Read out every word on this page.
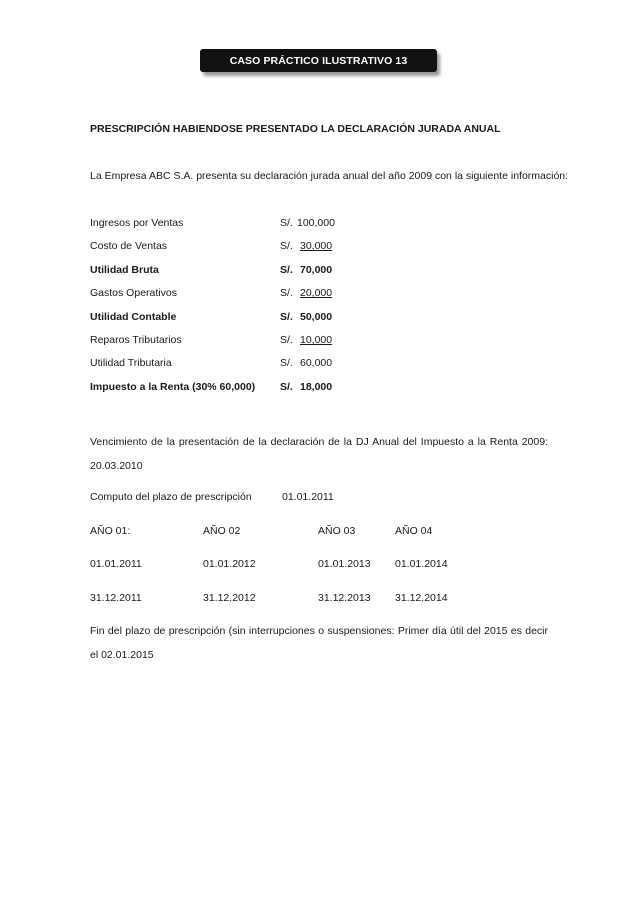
CASO PRÁCTICO ILUSTRATIVO 13
PRESCRIPCIÓN HABIENDOSE PRESENTADO LA DECLARACIÓN JURADA ANUAL
La Empresa ABC S.A. presenta su declaración jurada anual del año 2009 con la siguiente información:
Ingresos por Ventas	S/. 100,000
Costo de Ventas	S/. 30,000
Utilidad Bruta	S/. 70,000
Gastos Operativos	S/. 20,000
Utilidad Contable	S/. 50,000
Reparos Tributarios	S/. 10,000
Utilidad Tributaria	S/. 60,000
Impuesto a la Renta (30% 60,000) S/. 18,000
Vencimiento de la presentación de la declaración de la DJ Anual del Impuesto a la Renta 2009: 20.03.2010
Computo del plazo de prescripción	01.01.2011
AÑO 01:	AÑO 02	AÑO 03	AÑO 04
01.01.2011	01.01.2012	01.01.2013 01.01.2014
31.12.2011	31.12.2012	31.12.2013 31.12.2014
Fin del plazo de prescripción (sin interrupciones o suspensiones: Primer día útil del 2015 es decir el 02.01.2015
